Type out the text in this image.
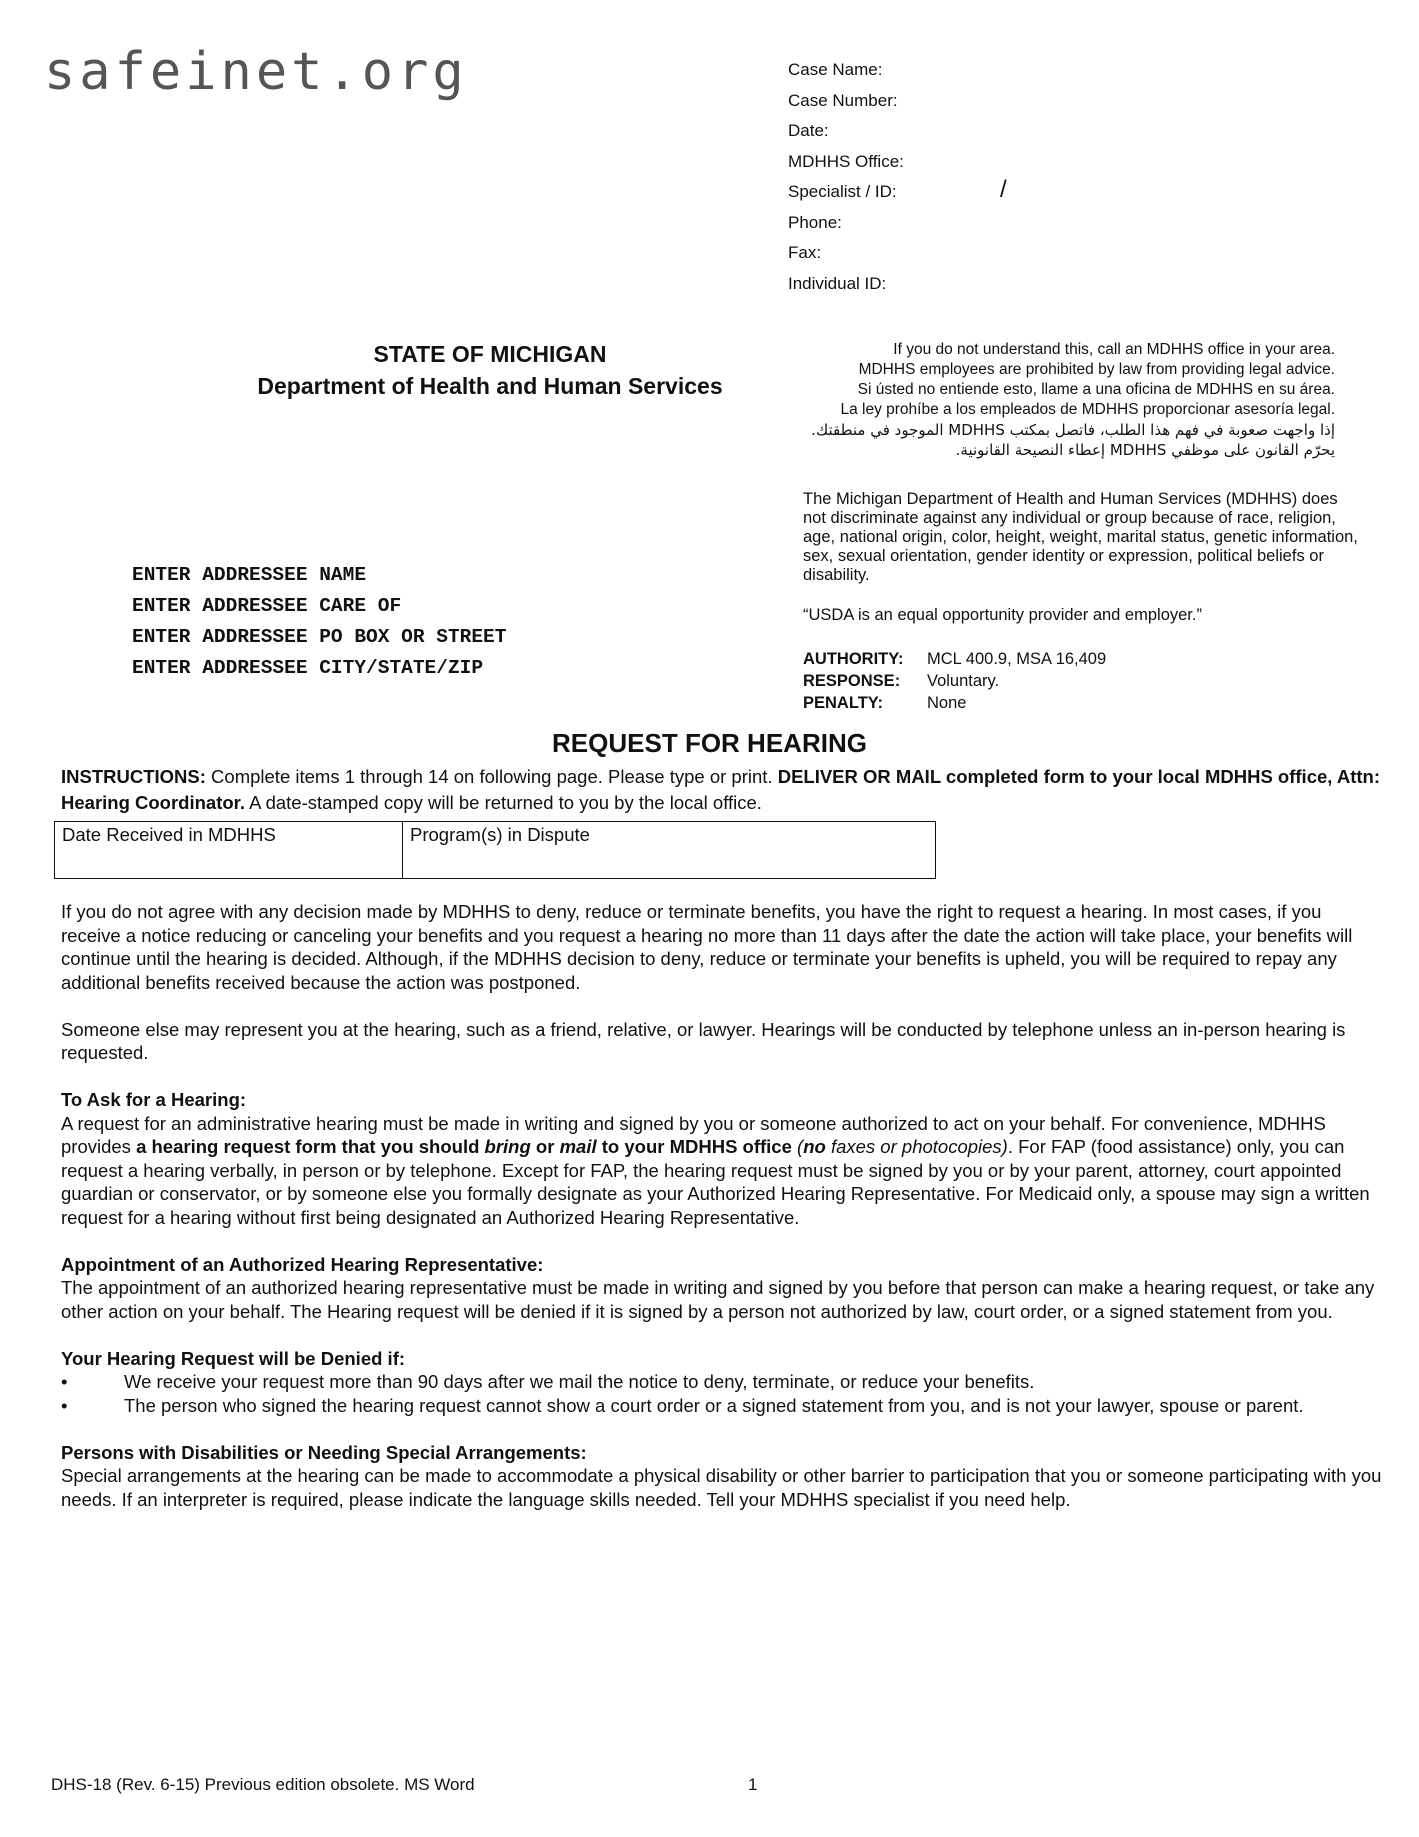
safeinet.org	Case Name:
Case Number:
Date:
MDHHS Office:
Specialist / ID:	/
Phone:
Fax:
Individual ID:
STATE OF MICHIGAN
Department of Health and Human Services
If you do not understand this, call an MDHHS office in your area.
MDHHS employees are prohibited by law from providing legal advice.
Si ústed no entiende esto, llame a una oficina de MDHHS en su área.
La ley prohíbe a los empleados de MDHHS proporcionar asesoría legal.
إذا واجهت صعوبة في فهم هذا الطلب، فاتصل بمكتب MDHHS الموجود في منطقتك.
يحرّم القانون على موظفي MDHHS إعطاء النصيحة القانونية.
The Michigan Department of Health and Human Services (MDHHS) does not discriminate against any individual or group because of race, religion, age, national origin, color, height, weight, marital status, genetic information, sex, sexual orientation, gender identity or expression, political beliefs or disability.
“USDA is an equal opportunity provider and employer.”
AUTHORITY:	MCL 400.9, MSA 16,409
RESPONSE:	Voluntary.
PENALTY:	None
ENTER ADDRESSEE NAME
ENTER ADDRESSEE CARE OF
ENTER ADDRESSEE PO BOX OR STREET
ENTER ADDRESSEE CITY/STATE/ZIP
REQUEST FOR HEARING
INSTRUCTIONS: Complete items 1 through 14 on following page. Please type or print. DELIVER OR MAIL completed form to your local MDHHS office, Attn: Hearing Coordinator. A date-stamped copy will be returned to you by the local office.
Date Received in MDHHS	Program(s) in Dispute

If you do not agree with any decision made by MDHHS to deny, reduce or terminate benefits, you have the right to request a hearing. In most cases, if you receive a notice reducing or canceling your benefits and you request a hearing no more than 11 days after the date the action will take place, your benefits will continue until the hearing is decided. Although, if the MDHHS decision to deny, reduce or terminate your benefits is upheld, you will be required to repay any additional benefits received because the action was postponed.

Someone else may represent you at the hearing, such as a friend, relative, or lawyer. Hearings will be conducted by telephone unless an in-person hearing is requested.

To Ask for a Hearing:

A request for an administrative hearing must be made in writing and signed by you or someone authorized to act on your behalf. For convenience, MDHHS provides a hearing request form that you should bring or mail to your MDHHS office (no faxes or photocopies). For FAP (food assistance) only, you can request a hearing verbally, in person or by telephone. Except for FAP, the hearing request must be signed by you or by your parent, attorney, court appointed guardian or conservator, or by someone else you formally designate as your Authorized Hearing Representative. For Medicaid only, a spouse may sign a written request for a hearing without first being designated an Authorized Hearing Representative.

Appointment of an Authorized Hearing Representative:

The appointment of an authorized hearing representative must be made in writing and signed by you before that person can make a hearing request, or take any other action on your behalf. The Hearing request will be denied if it is signed by a person not authorized by law, court order, or a signed statement from you.

Your Hearing Request will be Denied if:
• We receive your request more than 90 days after we mail the notice to deny, terminate, or reduce your benefits.
• The person who signed the hearing request cannot show a court order or a signed statement from you, and is not your lawyer, spouse or parent.
Persons with Disabilities or Needing Special Arrangements:

Special arrangements at the hearing can be made to accommodate a physical disability or other barrier to participation that you or someone participating with you needs. If an interpreter is required, please indicate the language skills needed. Tell your MDHHS specialist if you need help.

DHS-18 (Rev. 6-15) Previous edition obsolete. MS Word	1
